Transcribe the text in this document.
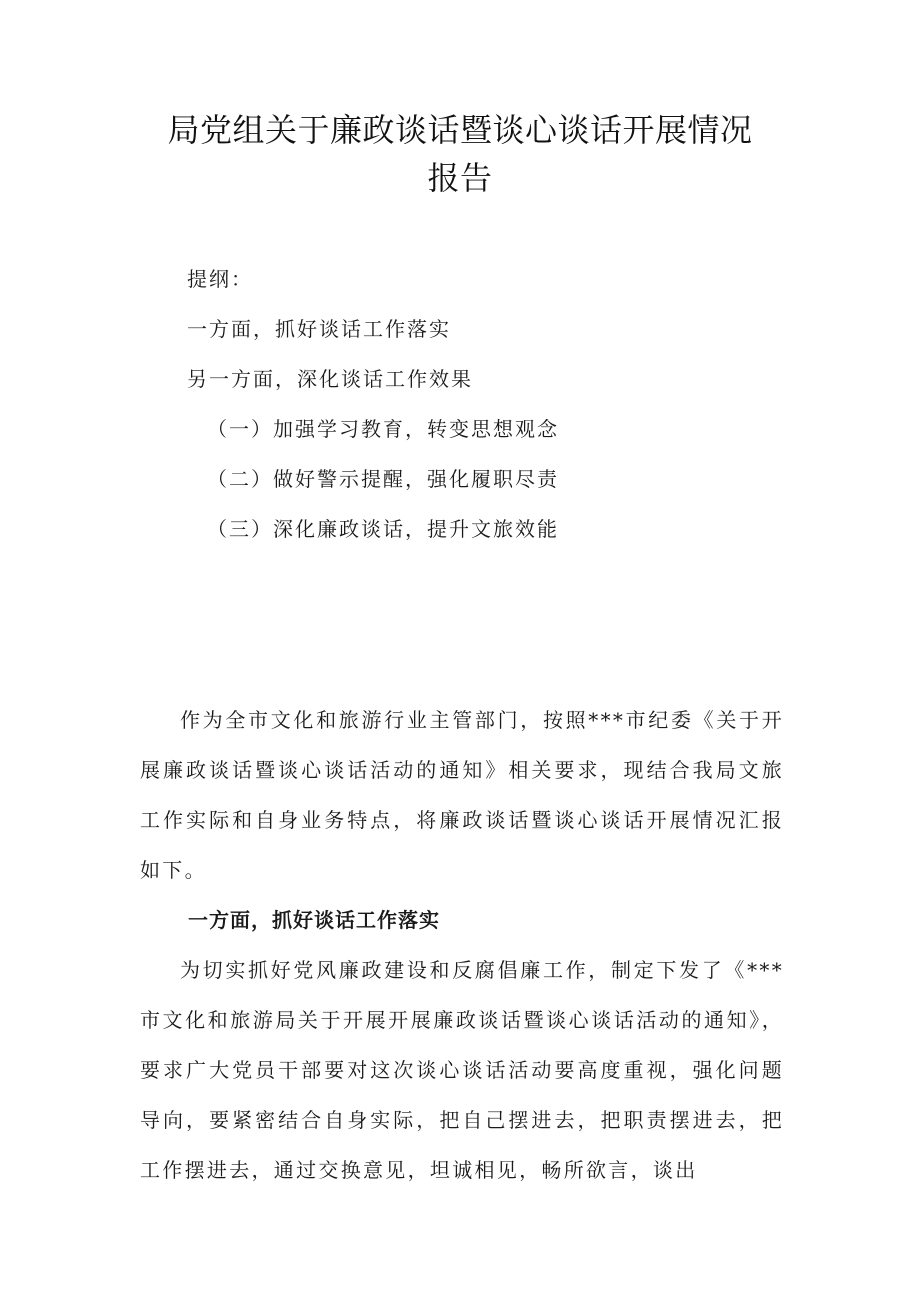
局党组关于廉政谈话暨谈心谈话开展情况
报告
提纲：
一方面，抓好谈话工作落实
另一方面，深化谈话工作效果
（一）加强学习教育，转变思想观念
（二）做好警示提醒，强化履职尽责
（三）深化廉政谈话，提升文旅效能

作为全市文化和旅游行业主管部门，按照***市纪委《关于开展廉政谈话暨谈心谈话活动的通知》相关要求，现结合我局文旅工作实际和自身业务特点，将廉政谈话暨谈心谈话开展情况汇报如下。

一方面，抓好谈话工作落实

为切实抓好党风廉政建设和反腐倡廉工作，制定下发了《***市文化和旅游局关于开展开展廉政谈话暨谈心谈话活动的通知》，要求广大党员干部要对这次谈心谈话活动要高度重视，强化问题导向，要紧密结合自身实际，把自己摆进去，把职责摆进去，把工作摆进去，通过交换意见，坦诚相见，畅所欲言，谈出
